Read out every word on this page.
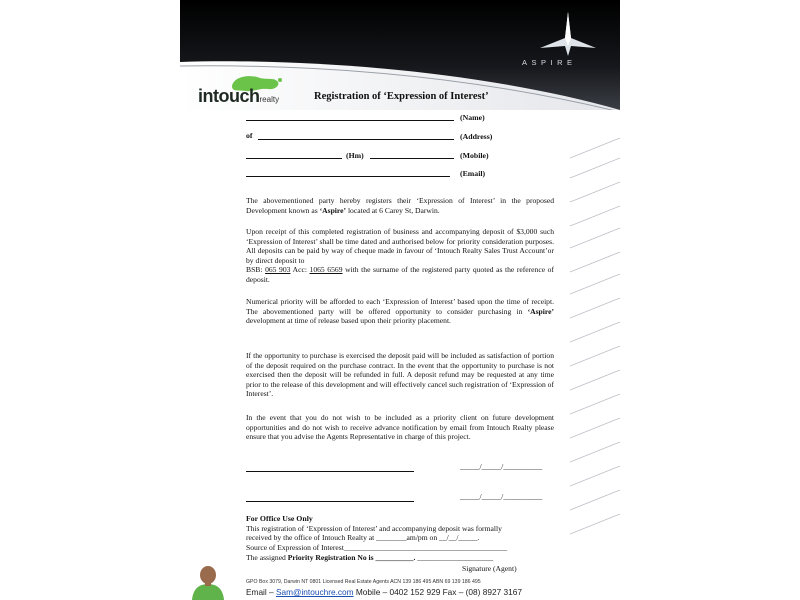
ASPIRE
intouchrealty	Registration of ‘Expression of Interest’
(Name)
of	(Address)
(Hm)	(Mobile)
(Email)
The abovementioned party hereby registers their ‘Expression of Interest’ in the proposed Development known as ‘Aspire’ located at 6 Carey St, Darwin.
Upon receipt of this completed registration of business and accompanying deposit of $3,000 such ‘Expression of Interest’ shall be time dated and authorised below for priority consideration purposes. All deposits can be paid by way of cheque made in favour of ‘Intouch Realty Sales Trust Account’or by direct deposit to
BSB: 065 903 Acc: 1065 6569 with the surname of the registered party quoted as the reference of deposit.
Numerical priority will be afforded to each ‘Expression of Interest’ based upon the time of receipt. The abovementioned party will be offered opportunity to consider purchasing in ‘Aspire’ development at time of release based upon their priority placement.
If the opportunity to purchase is exercised the deposit paid will be included as satisfaction of portion of the deposit required on the purchase contract. In the event that the opportunity to purchase is not exercised then the deposit will be refunded in full. A deposit refund may be requested at any time prior to the release of this development and will effectively cancel such registration of ‘Expression of Interest’.
In the event that you do not wish to be included as a priority client on future development opportunities and do not wish to receive advance notification by email from Intouch Realty please ensure that you advise the Agents Representative in charge of this project.
_____/_____/__________
_____/_____/__________
For Office Use Only
This registration of ‘Expression of Interest’ and accompanying deposit was formally
received by the office of Intouch Realty at ________am/pm on __/__/_____.
Source of Expression of Interest___________________________________________
The assigned Priority Registration No is __________. ____________________
Signature (Agent)
GPO Box 3079, Darwin NT 0801 Licensed Real Estate Agents ACN 139 186 495 ABN 69 139 186 495
Email – Sam@intouchre.com Mobile – 0402 152 929 Fax – (08) 8927 3167
